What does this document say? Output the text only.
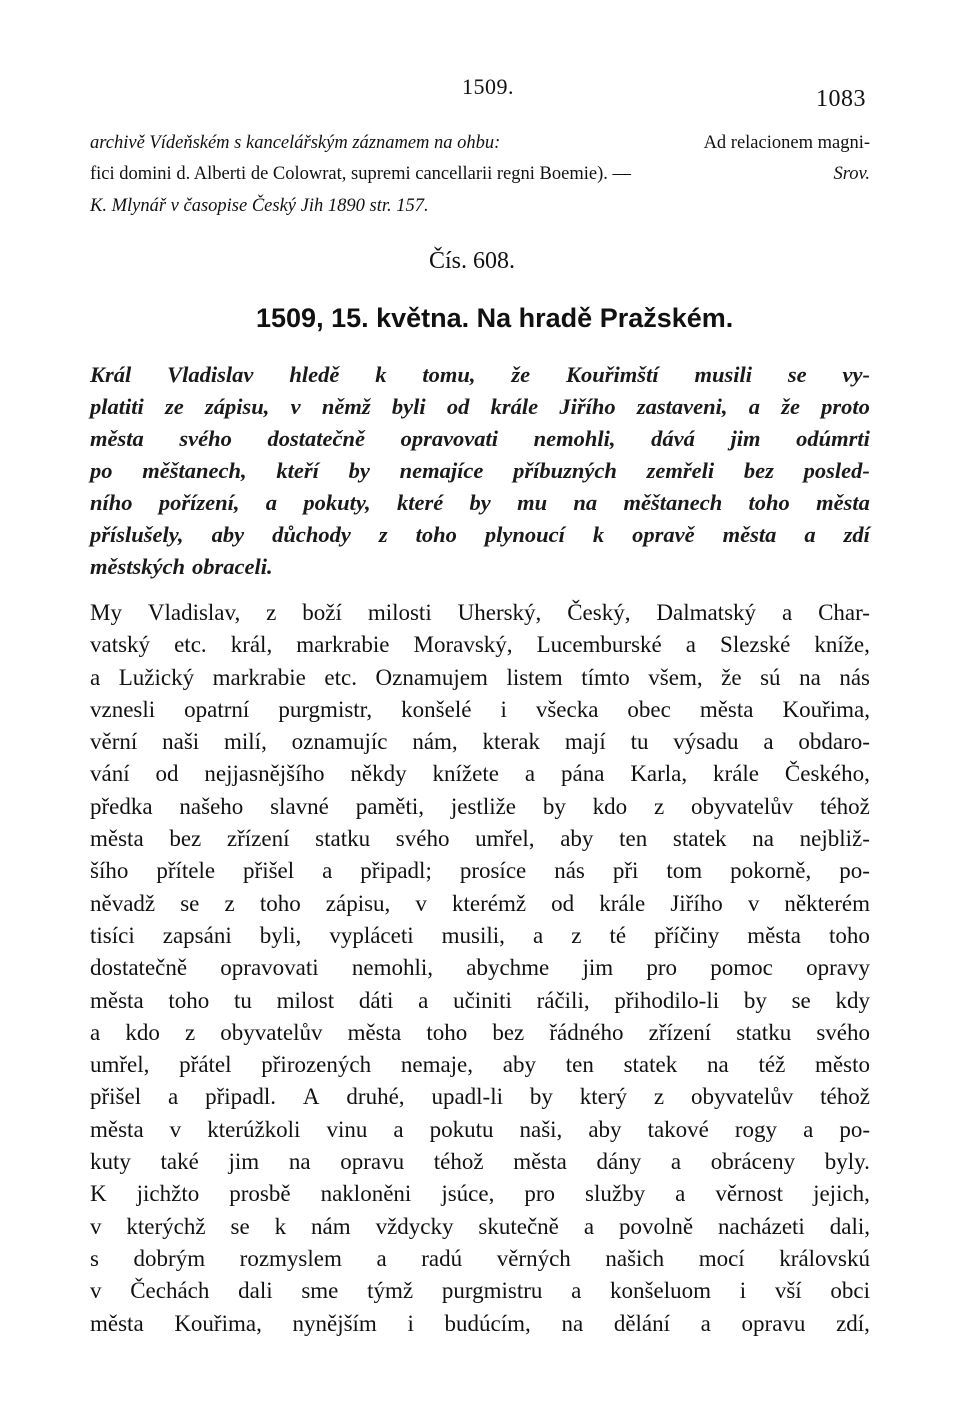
1509.	1083
archivě Vídeňském s kancelářským záznamem na ohbu:	Ad relacionem magni-
fici domini d. Alberti de Colowrat, supremi cancellarii regni Boemie). —	Srov.
K. Mlynář v časopise Český Jih 1890 str. 157.
Čís. 608.
1509, 15. května. Na hradě Pražském.
Král Vladislav hledě k tomu, že Kouřimští musili se vy-
platiti ze zápisu, v němž byli od krále Jiřího zastaveni, a že proto
města svého dostatečně opravovati nemohli, dává jim odúmrti
po měštanech, kteří by nemajíce příbuzných zemřeli bez posled-
ního pořízení, a pokuty, které by mu na měštanech toho města
příslušely, aby důchody z toho plynoucí k opravě města a zdí
městských obraceli.
My Vladislav, z boží milosti Uherský, Český, Dalmatský a Char-
vatský etc. král, markrabie Moravský, Lucemburské a Slezské kníže,
a Lužický markrabie etc. Oznamujem listem tímto všem, že sú na nás
vznesli opatrní purgmistr, konšelé i všecka obec města Kouřima,
věrní naši milí, oznamujíc nám, kterak mají tu výsadu a obdaro-
vání od nejjasnějšího někdy knížete a pána Karla, krále Českého,
předka našeho slavné paměti, jestliže by kdo z obyvatelův téhož
města bez zřízení statku svého umřel, aby ten statek na nejbliž-
šího přítele přišel a připadl; prosíce nás při tom pokorně, po-
něvadž se z toho zápisu, v kterémž od krále Jiřího v některém
tisíci zapsáni byli, vypláceti musili, a z té příčiny města toho
dostatečně opravovati nemohli, abychme jim pro pomoc opravy
města toho tu milost dáti a učiniti ráčili, přihodilo-li by se kdy
a kdo z obyvatelův města toho bez řádného zřízení statku svého
umřel, přátel přirozených nemaje, aby ten statek na též město
přišel a připadl. A druhé, upadl-li by který z obyvatelův téhož
města v kterúžkoli vinu a pokutu naši, aby takové rogy a po-
kuty také jim na opravu téhož města dány a obráceny byly.
K jichžto prosbě nakloněni jsúce, pro služby a věrnost jejich,
v kterýchž se k nám vždycky skutečně a povolně nacházeti dali,
s dobrým rozmyslem a radú věrných našich mocí královskú
v Čechách dali sme týmž purgmistru a konšeluom i vší obci
města Kouřima, nynějším i budúcím, na dělání a opravu zdí,
